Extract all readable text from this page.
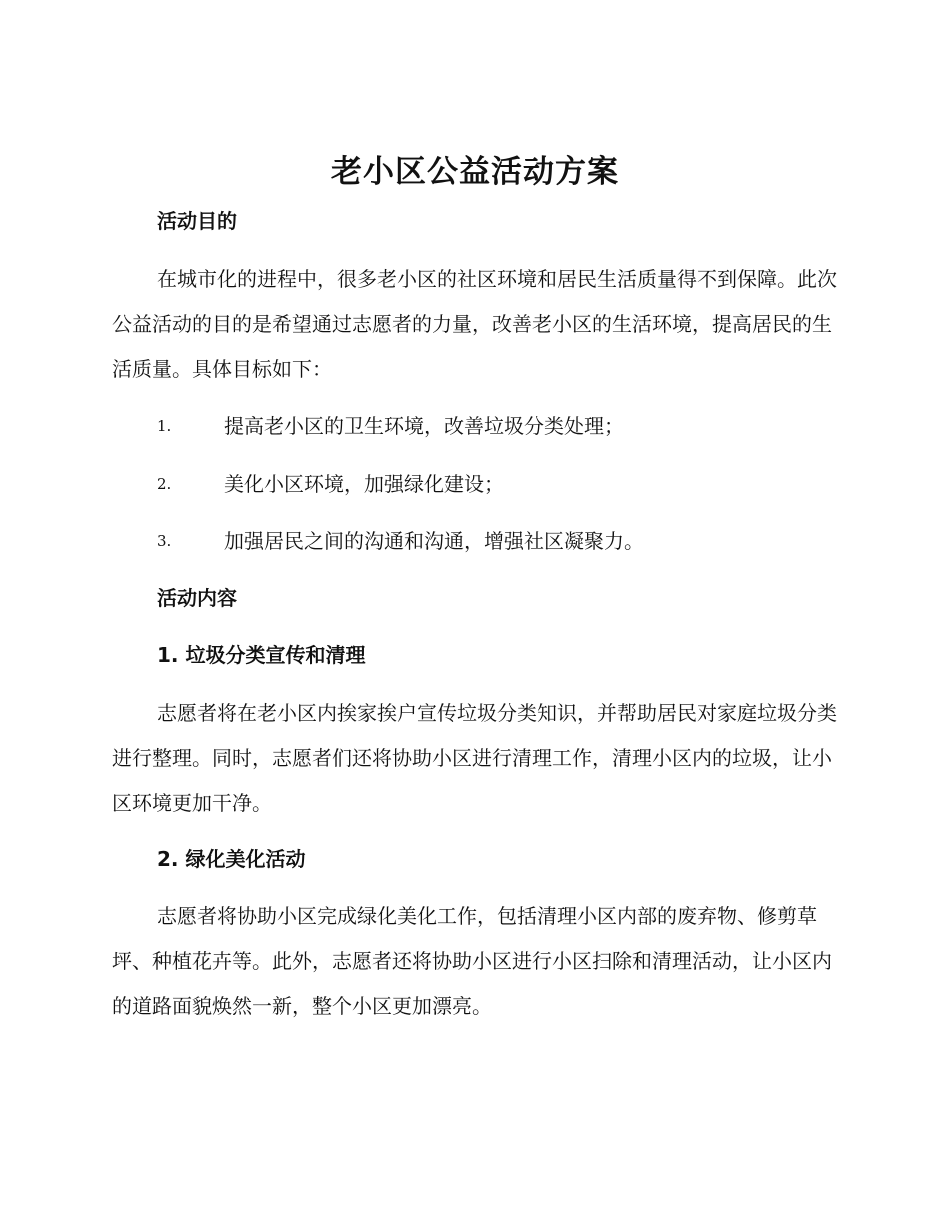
老小区公益活动方案
活动目的

在城市化的进程中，很多老小区的社区环境和居民生活质量得不到保障。此次公益活动的目的是希望通过志愿者的力量，改善老小区的生活环境，提高居民的生活质量。具体目标如下：

1.	提高老小区的卫生环境，改善垃圾分类处理；
2.	美化小区环境，加强绿化建设；
3.	加强居民之间的沟通和沟通，增强社区凝聚力。
活动内容
1. 垃圾分类宣传和清理

志愿者将在老小区内挨家挨户宣传垃圾分类知识，并帮助居民对家庭垃圾分类进行整理。同时，志愿者们还将协助小区进行清理工作，清理小区内的垃圾，让小区环境更加干净。

2. 绿化美化活动

志愿者将协助小区完成绿化美化工作，包括清理小区内部的废弃物、修剪草坪、种植花卉等。此外，志愿者还将协助小区进行小区扫除和清理活动，让小区内的道路面貌焕然一新，整个小区更加漂亮。
